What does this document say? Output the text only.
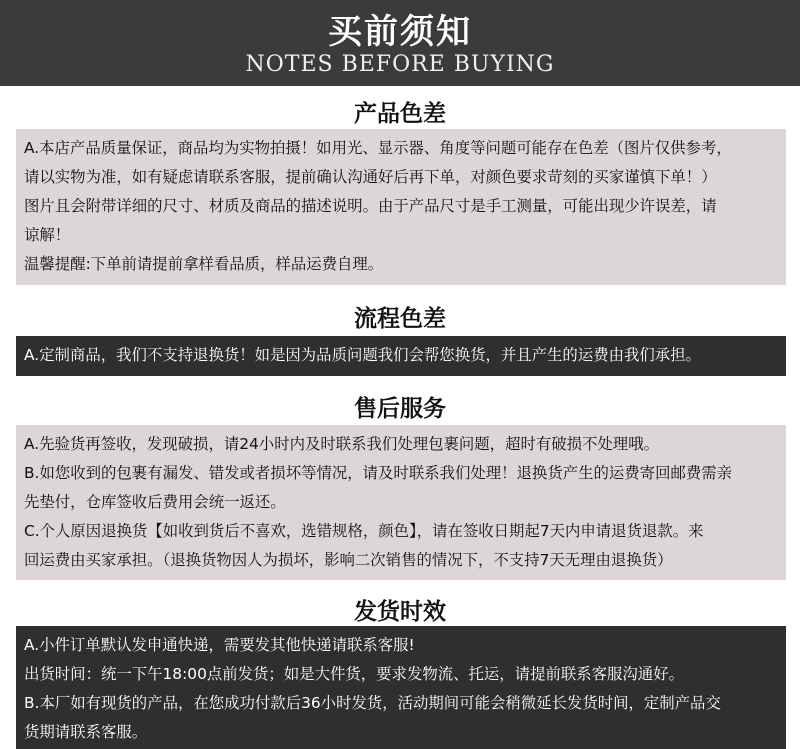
买前须知
NOTES BEFORE BUYING
产品色差
A.本店产品质量保证，商品均为实物拍摄！如用光、显示器、角度等问题可能存在色差（图片仅供参考，
请以实物为准，如有疑虑请联系客服，提前确认沟通好后再下单，对颜色要求苛刻的买家谨慎下单！）
图片且会附带详细的尺寸、材质及商品的描述说明。由于产品尺寸是手工测量，可能出现少许误差，请
谅解！
温馨提醒:下单前请提前拿样看品质，样品运费自理。
流程色差
A.定制商品，我们不支持退换货！如是因为品质问题我们会帮您换货，并且产生的运费由我们承担。
售后服务
A.先验货再签收，发现破损，请24小时内及时联系我们处理包裹问题，超时有破损不处理哦。
B.如您收到的包裹有漏发、错发或者损坏等情况，请及时联系我们处理！退换货产生的运费寄回邮费需亲
先垫付，仓库签收后费用会统一返还。
C.个人原因退换货【如收到货后不喜欢，选错规格，颜色】，请在签收日期起7天内申请退货退款。来
回运费由买家承担。（退换货物因人为损坏，影响二次销售的情况下，不支持7天无理由退换货）
发货时效
A.小件订单默认发申通快递，需要发其他快递请联系客服!
出货时间：统一下午18:00点前发货；如是大件货，要求发物流、托运，请提前联系客服沟通好。
B.本厂如有现货的产品，在您成功付款后36小时发货，活动期间可能会稍微延长发货时间，定制产品交
货期请联系客服。
